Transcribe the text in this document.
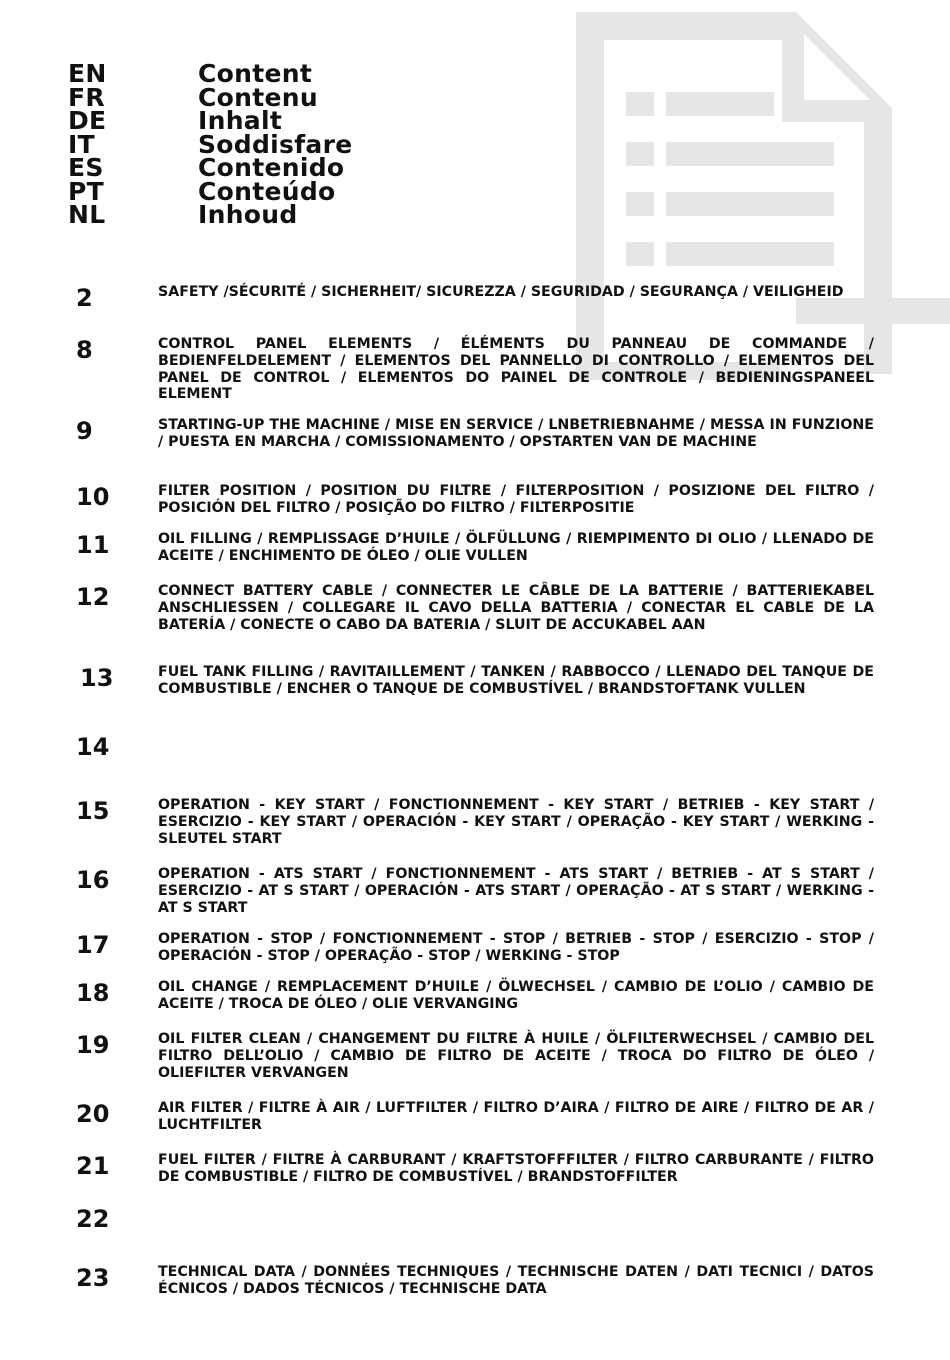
EN	Content
FR	Contenu
DE	Inhalt
IT	Soddisfare
ES	Contenido
PT	Conteúdo
NL	Inhoud
2	SAFETY /SÉCURITÉ / SICHERHEIT/ SICUREZZA / SEGURIDAD / SEGURANÇA / VEILIGHEID
8	CONTROL PANEL ELEMENTS / ÉLÉMENTS DU PANNEAU DE COMMANDE / BEDIENFELDELEMENT / ELEMENTOS DEL PANNELLO DI CONTROLLO / ELEMENTOS DEL PANEL DE CONTROL / ELEMENTOS DO PAINEL DE CONTROLE / BEDIENINGSPANEEL ELEMENT
9	STARTING-UP THE MACHINE / MISE EN SERVICE / LNBETRIEBNAHME / MESSA IN FUNZIONE / PUESTA EN MARCHA / COMISSIONAMENTO / OPSTARTEN VAN DE MACHINE
10	FILTER POSITION / POSITION DU FILTRE / FILTERPOSITION / POSIZIONE DEL FILTRO / POSICIÓN DEL FILTRO / POSIÇÃO DO FILTRO / FILTERPOSITIE
11	OIL FILLING / REMPLISSAGE D’HUILE / ÖLFÜLLUNG / RIEMPIMENTO DI OLIO / LLENADO DE ACEITE / ENCHIMENTO DE ÓLEO / OLIE VULLEN
12	CONNECT BATTERY CABLE / CONNECTER LE CÂBLE DE LA BATTERIE / BATTERIEKABEL ANSCHLIESSEN / COLLEGARE IL CAVO DELLA BATTERIA / CONECTAR EL CABLE DE LA BATERÍA / CONECTE O CABO DA BATERIA / SLUIT DE ACCUKABEL AAN
13	FUEL TANK FILLING / RAVITAILLEMENT / TANKEN / RABBOCCO / LLENADO DEL TANQUE DE COMBUSTIBLE / ENCHER O TANQUE DE COMBUSTÍVEL / BRANDSTOFTANK VULLEN
14
15	OPERATION - KEY START / FONCTIONNEMENT - KEY START / BETRIEB - KEY START / ESERCIZIO - KEY START / OPERACIÓN - KEY START / OPERAÇÃO - KEY START / WERKING - SLEUTEL START
16	OPERATION - ATS START / FONCTIONNEMENT - ATS START / BETRIEB - AT S START / ESERCIZIO - AT S START / OPERACIÓN - ATS START / OPERAÇÃO - AT S START / WERKING - AT S START
17	OPERATION - STOP / FONCTIONNEMENT - STOP / BETRIEB - STOP / ESERCIZIO - STOP / OPERACIÓN - STOP / OPERAÇÃO - STOP / WERKING - STOP
18	OIL CHANGE / REMPLACEMENT D’HUILE / ÖLWECHSEL / CAMBIO DE L’OLIO / CAMBIO DE ACEITE / TROCA DE ÓLEO / OLIE VERVANGING
19	OIL FILTER CLEAN / CHANGEMENT DU FILTRE À HUILE / ÖLFILTERWECHSEL / CAMBIO DEL FILTRO DELL’OLIO / CAMBIO DE FILTRO DE ACEITE / TROCA DO FILTRO DE ÓLEO / OLIEFILTER VERVANGEN
20	AIR FILTER / FILTRE À AIR / LUFTFILTER / FILTRO D’AIRA / FILTRO DE AIRE / FILTRO DE AR / LUCHTFILTER
21	FUEL FILTER / FILTRE À CARBURANT / KRAFTSTOFFFILTER / FILTRO CARBURANTE / FILTRO DE COMBUSTIBLE / FILTRO DE COMBUSTÍVEL / BRANDSTOFFILTER
22
23	TECHNICAL DATA / DONNÉES TECHNIQUES / TECHNISCHE DATEN / DATI TECNICI / DATOS ÉCNICOS / DADOS TÉCNICOS / TECHNISCHE DATA
